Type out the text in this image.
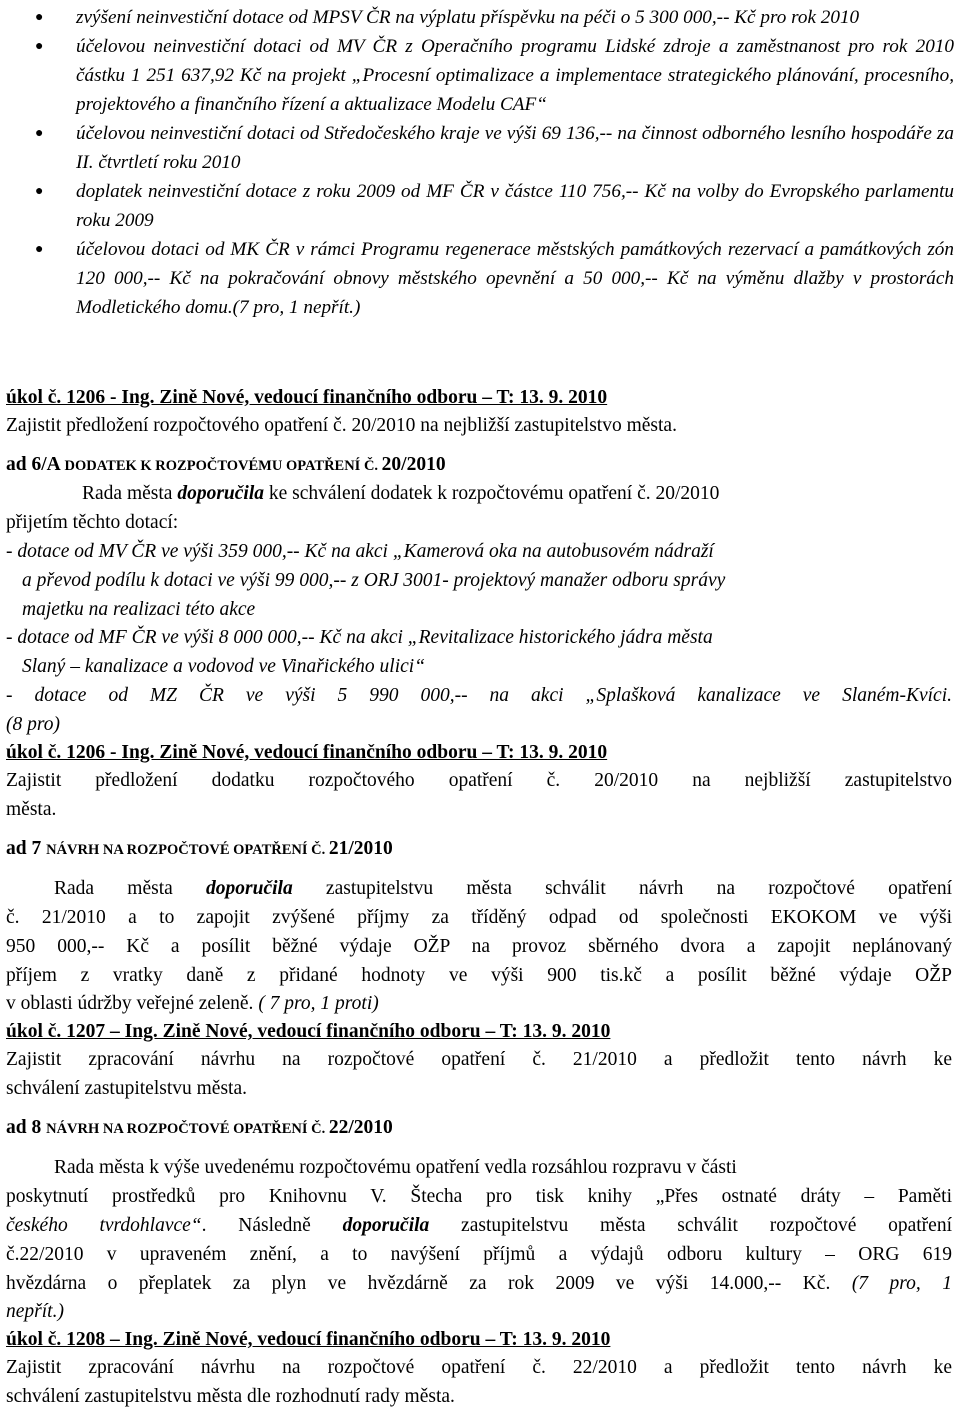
● zvýšení neinvestiční dotace od MPSV ČR na výplatu příspěvku na péči o 5 300 000,-- Kč pro rok 2010
● účelovou neinvestiční dotaci od MV ČR z Operačního programu Lidské zdroje a zaměstnanost pro rok 2010 částku 1 251 637,92 Kč na projekt „Procesní optimalizace a implementace strategického plánování, procesního, projektového a finančního řízení a aktualizace Modelu CAF“
● účelovou neinvestiční dotaci od Středočeského kraje ve výši 69 136,-- na činnost odborného lesního hospodáře za II. čtvrtletí roku 2010
● doplatek neinvestiční dotace z roku 2009 od MF ČR v částce 110 756,-- Kč na volby do Evropského parlamentu roku 2009
● účelovou dotaci od MK ČR v rámci Programu regenerace městských památkových rezervací a památkových zón 120 000,-- Kč na pokračování obnovy městského opevnění a 50 000,-- Kč na výměnu dlažby v prostorách Modletického domu.(7 pro, 1 nepřít.)
úkol č. 1206 - Ing. Zině Nové, vedoucí finančního odboru – T: 13. 9. 2010
Zajistit předložení rozpočtového opatření č. 20/2010 na nejbližší zastupitelstvo města.
ad 6/A DODATEK K ROZPOČTOVÉMU OPATŘENÍ Č. 20/2010
Rada města doporučila ke schválení dodatek k rozpočtovému opatření č. 20/2010
přijetím těchto dotací:
- dotace od MV ČR ve výši 359 000,-- Kč na akci „Kamerová oka na autobusovém nádraží
a převod podílu k dotaci ve výši 99 000,-- z ORJ 3001- projektový manažer odboru správy
majetku na realizaci této akce
- dotace od MF ČR ve výši 8 000 000,-- Kč na akci „Revitalizace historického jádra města
Slaný – kanalizace a vodovod ve Vinařického ulici“
- dotace od MZ ČR ve výši 5 990 000,-- na akci „Splašková kanalizace ve Slaném-Kvíci.
(8 pro)
úkol č. 1206 - Ing. Zině Nové, vedoucí finančního odboru – T: 13. 9. 2010
Zajistit předložení dodatku rozpočtového opatření č. 20/2010 na nejbližší zastupitelstvo
města.
ad 7 NÁVRH NA ROZPOČTOVÉ OPATŘENÍ Č. 21/2010
Rada města doporučila zastupitelstvu města schválit návrh na rozpočtové opatření
č. 21/2010 a to zapojit zvýšené příjmy za tříděný odpad od společnosti EKOKOM ve výši
950 000,-- Kč a posílit běžné výdaje OŽP na provoz sběrného dvora a zapojit neplánovaný
příjem z vratky daně z přidané hodnoty ve výši 900 tis.kč a posílit běžné výdaje OŽP
v oblasti údržby veřejné zeleně. ( 7 pro, 1 proti)
úkol č. 1207 – Ing. Zině Nové, vedoucí finančního odboru – T: 13. 9. 2010
Zajistit zpracování návrhu na rozpočtové opatření č. 21/2010 a předložit tento návrh ke
schválení zastupitelstvu města.
ad 8 NÁVRH NA ROZPOČTOVÉ OPATŘENÍ Č. 22/2010
Rada města k výše uvedenému rozpočtovému opatření vedla rozsáhlou rozpravu v části
poskytnutí prostředků pro Knihovnu V. Štecha pro tisk knihy „Přes ostnaté dráty – Paměti
českého tvrdohlavce“. Následně doporučila zastupitelstvu města schválit rozpočtové opatření
č.22/2010 v upraveném znění, a to navýšení příjmů a výdajů odboru kultury – ORG 619
hvězdárna o přeplatek za plyn ve hvězdárně za rok 2009 ve výši 14.000,-- Kč. (7 pro, 1
nepřít.)
úkol č. 1208 – Ing. Zině Nové, vedoucí finančního odboru – T: 13. 9. 2010
Zajistit zpracování návrhu na rozpočtové opatření č. 22/2010 a předložit tento návrh ke
schválení zastupitelstvu města dle rozhodnutí rady města.
